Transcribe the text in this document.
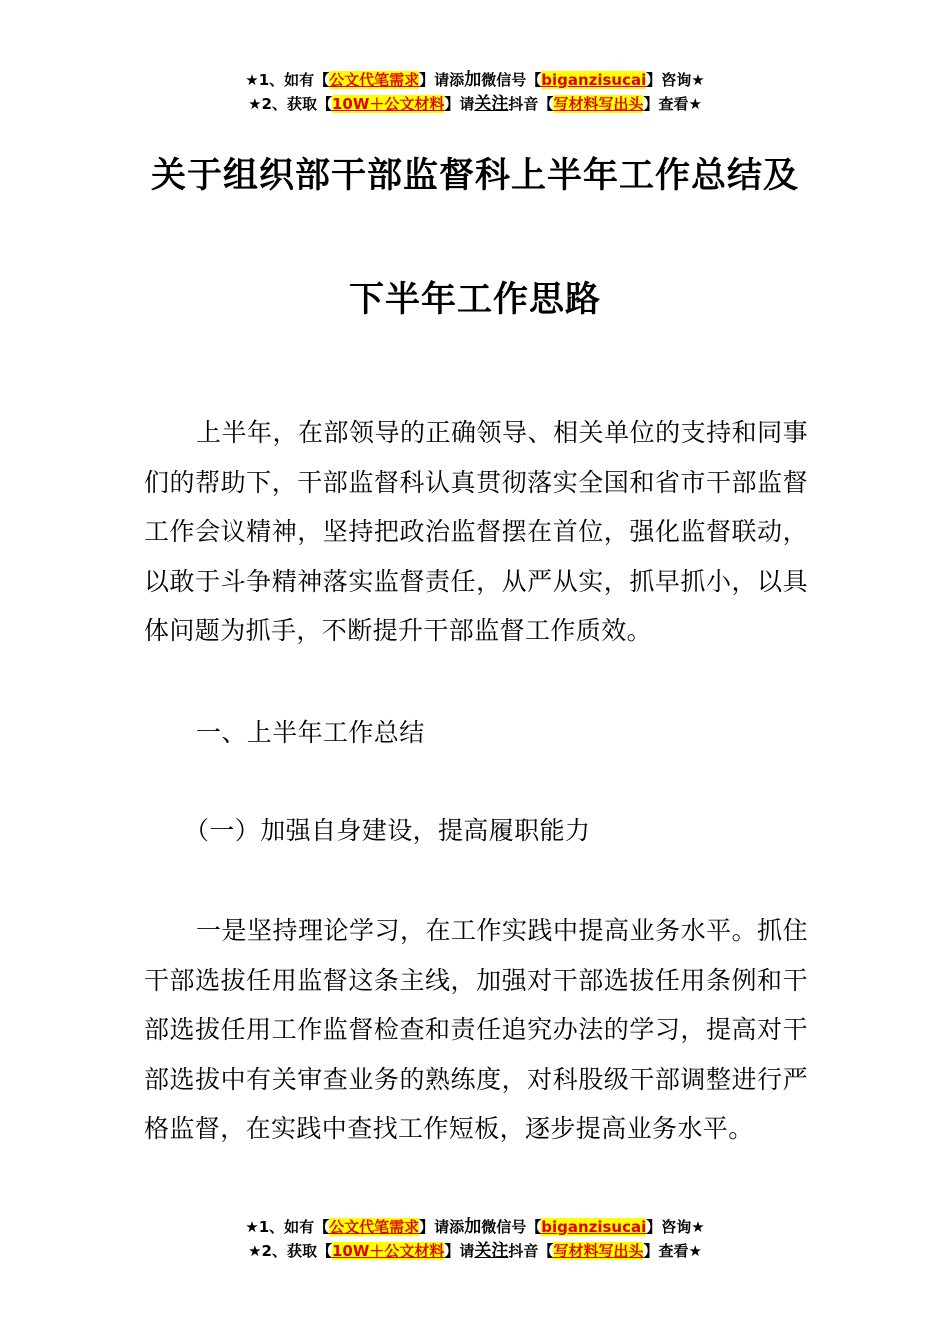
★1、如有【公文代笔需求】请添加微信号【biganzisucai】咨询★
★2、获取【10W＋公文材料】请关注抖音【写材料写出头】查看★
关于组织部干部监督科上半年工作总结及
下半年工作思路
上半年，在部领导的正确领导、相关单位的支持和同事们的帮助下，干部监督科认真贯彻落实全国和省市干部监督工作会议精神，坚持把政治监督摆在首位，强化监督联动，以敢于斗争精神落实监督责任，从严从实，抓早抓小，以具体问题为抓手，不断提升干部监督工作质效。
一、上半年工作总结
（一）加强自身建设，提高履职能力
一是坚持理论学习，在工作实践中提高业务水平。抓住干部选拔任用监督这条主线，加强对干部选拔任用条例和干部选拔任用工作监督检查和责任追究办法的学习，提高对干部选拔中有关审查业务的熟练度，对科股级干部调整进行严格监督，在实践中查找工作短板，逐步提高业务水平。
★1、如有【公文代笔需求】请添加微信号【biganzisucai】咨询★
★2、获取【10W＋公文材料】请关注抖音【写材料写出头】查看★
